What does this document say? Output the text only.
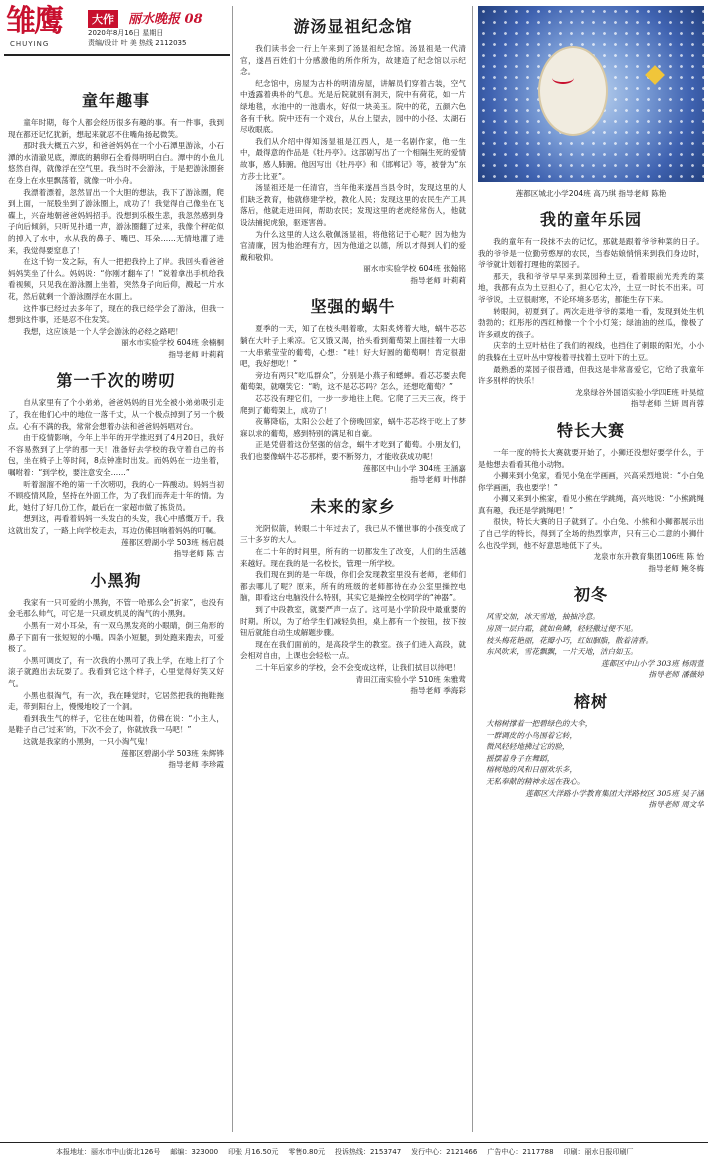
雏鹰
CHUYING
大作	丽水晚报 08
2020年8月16日 星期日
责编/设计 叶 美 热线 2112035
童年趣事

童年时期，每个人都会经历很多有趣的事。有一件事，我到现在都还记忆犹新，想起来就忍不住嘴角扬起微笑。

那时我大概五六岁，和爸爸妈妈在一个小石潭里游泳，小石潭的水清澈见底，潭底的鹅卵石全看得明明白白。潭中的小鱼儿悠然自得，就像浮在空气里。我当时不会游泳，于是把游泳圈套在身上在水里飘荡着，就像一叶小舟。

我漂着漂着，忽然冒出一个大胆的想法，我下了游泳圈，爬到上面，一屁股坐到了游泳圈上，成功了！我觉得自己像坐在飞碟上，兴奋地朝爸爸妈妈招手。没想到乐极生悲，我忽然感到身子向后倾斜，只听见扑通一声，游泳圈翻了过来，我像个秤砣似的掉入了水中，水从我的鼻子、嘴巴、耳朵……无情地灌了进来，我觉得要窒息了！

在这千钧一发之际，有人一把把我拎上了岸。我回头看爸爸妈妈笑坐了什么。妈妈说：“你刚才翻车了！”说着拿出手机给我看视频，只见我在游泳圈上坐着，突然身子向后仰，溅起一片水花，然后就剩一个游泳圈浮在水面上。

这件事已经过去多年了，现在的我已经学会了游泳，但我一想到这件事，还是忍不住发笑。

我想，这应该是一个人学会游泳的必经之路吧！

丽水市实验学校 604班 余楠桐

指导老师 叶莉莉

第一千次的唠叨

自从家里有了个小弟弟，爸爸妈妈的目光全被小弟弟吸引走了，我在他们心中的地位一落千丈，从一个极点掉到了另一个极点。心有不满的我，常常会想着办法和爸爸妈妈唱对台。

由于疫情影响，今年上半年的开学推迟到了4月20日，我好不容易熬到了上学的那一天！准备好去学校的我守着自己的书包，坐在椅子上等时间，8点钟准时出发。而妈妈在一边坐着，嘱咐着：“到学校，要注意安全……”

听着溜溜不绝的第一千次唠叨，我的心一阵酸动。妈妈当初不顾疫情风险，坚持在外面工作，为了我们而奔走十年的情。为此，她付了好几份工作，最后在一家超市做了拣货员。

想到这，再看着妈妈一头发白的头发，我心中感慨万千。我这就出发了，一路上向学校走去，耳边仿佛回响着妈妈的叮嘱。

莲都区碧湖小学 503班 杨启晨

指导老师 陈 吉

小黑狗

我家有一只可爱的小黑狗，不管一哈那么会“折家”，也没有金毛那么帅气，可它是一只顽皮机灵的淘气的小黑狗。

小黑有一对小耳朵，有一双乌黑发亮的小眼睛，倒三角形的鼻子下面有一张短短的小嘴。四条小短腿，到处跑来跑去，可爱极了。

小黑可调皮了，有一次我的小黑可了我上学，在地上打了个滚子就跑出去玩耍了。我看到它这个样子，心里觉得好笑又好气。

小黑也很淘气，有一次，我在睡觉时，它居然把我的拖鞋拖走，带到阳台上，慢慢地咬了一个洞。

看到我生气的样子，它往在她叫着，仿佛在说：“小主人，是鞋子自己‘过来’的，下次不会了，你就放我一马吧！”

这就是我家的小黑狗，一只小淘气鬼！

莲都区碧湖小学 503班 朱辉铧

指导老师 李珍霞

游汤显祖纪念馆

我们读书会一行上午来到了汤显祖纪念馆。汤显祖是一代清官，遂昌百姓们十分感激他的所作所为，故建造了纪念馆以示纪念。

纪念馆中，房屋为古朴的明清房屋，讲解员们穿着古装，空气中透露着典朴的气息。光是后院就别有洞天，院中有荷花，如一片绿地毯，水池中的一池翡水，好似一块美玉。院中的花，五颜六色各有千秋。院中还有一个戏台，从台上望去，园中的小径、太湖石尽收眼底。

我们从介绍中得知汤显祖是江西人，是一名剧作家，他一生中，最得意的作品是《牡丹亭》。这部剧写出了一个相隔生死的爱情故事，感人肺腑。他因写出《牡丹亭》和《邯郸记》等，被誉为“东方莎士比亚”。

汤显祖还是一任清官，当年他来遂昌当县令时，发现这里的人们缺乏教育，他就修建学校，教化人民；发现这里的农民生产工具落后，他就走进田间，帮助农民；发现这里的老虎经常伤人，他就设法捕捉虎狼，驱逐害兽。

为什么这里的人这么敬佩汤显祖，将他铭记于心呢？因为他为官清廉，因为他治理有方，因为他道之以德，所以才得到人们的爱戴和敬仰。

丽水市实验学校 604班 张翰铭

指导老师 叶莉莉

坚强的蜗牛

夏季的一天，知了在枝头唱着歌，太阳炙烤着大地，蜗牛芯芯躺在大叶子上乘凉。它又饿又渴，抬头看到葡萄架上面挂着一大串一大串紫莹莹的葡萄，心想：“哇！好大好圆的葡萄啊！肯定很甜吧，我好想吃！”

旁边有两只“吃瓜群众”，分别是小燕子和蟋蟀。看芯芯要去爬葡萄架，就嘲笑它：“哟，这不是芯芯吗？怎么，还想吃葡萄？”

芯芯没有理它们，一步一步地往上爬。它爬了三天三夜，终于爬到了葡萄架上，成功了！

夜幕降临，太阳公公赶了个傍晚回家，蜗牛芯芯终于吃上了梦寐以求的葡萄，感到特别的满足和自豪。

正是凭借着这份坚强的信念，蜗牛才吃到了葡萄。小朋友们，我们也要像蜗牛芯芯那样，要不断努力，才能收获成功呢！

莲都区中山小学 304班 王涵嘉

指导老师 叶伟群

未来的家乡

光阴似箭，转眼二十年过去了，我已从不懂世事的小孩变成了三十多岁的大人。

在二十年的时间里，所有的一切都发生了改变，人们的生活越来越好。现在我的是一名校长，管理一所学校。

我们现在到的是一年级，你们会发现教室里没有老师，老师们都去哪儿了呢？原来，所有的班级的老师都待在办公室里操控电脑，即看这台电脑没什么特别，其实它是操控全校同学的“神器”。

到了中段教室，就要严声一点了。这可是小学阶段中最重要的时期。所以，为了给学生们减轻负担，桌上都有一个按钮，按下按钮后就能自动生成解题步骤。

现在在我们面前的，是高段学生的教室。孩子们进入高段，就会相对自由，上课也会轻松一点。

二十年后家乡的学校，会不会变成这样，让我们拭目以待吧！

青田江南实验小学 510班 朱雅莺

指导老师 季海彩

莲都区城北小学204班 高乃琪 指导老师 陈艳
我的童年乐园

我的童年有一段抹不去的记忆，那就是跟着爷爷种菜的日子。我的爷爷是一位勤劳憨厚的农民，当春姑娘悄悄来到我们身边时，爷爷就计划着打理他的菜园子。

那天，我和爷爷早早来到菜园种土豆，看着眼前光秃秃的菜地，我都有点为土豆担心了，担心它太冷，土豆一时长不出来。可爷爷说，土豆很耐寒，不论环境多恶劣，都能生存下来。

转眼间，初夏到了。两次走进爷爷的菜地一看，发现到处生机勃勃的；红彤彤的西红柿像一个个小灯笼；绿油油的丝瓜，像极了许多顽皮的孩子。

庆幸的土豆叶枯住了我们的视线，也挡住了刺眼的阳光，小小的我躲在土豆叶丛中穿梭着寻找着土豆叶下的土豆。

最熟悉的菜园子很普通，但我这是非常喜爱它，它给了我童年许多别样的快乐！

龙泉绿谷外国语实验小学四E班 叶昊煊

指导老师 兰妍 周肖蓉

特长大赛

一年一度的特长大赛就要开始了，小狮还没想好要学什么，于是他想去看看其他小动物。

小狮来到小兔家，看见小兔在学画画，兴高采烈地说：“小白兔你学画画，我也要学！”

小狮又来到小熊家，看见小熊在学跳绳，高兴地说：“小熊跳绳真有趣，我还是学跳绳吧！”

很快，特长大赛的日子就到了。小白兔、小熊和小狮都展示出了自己学的特长，得到了全场的热烈掌声，只有三心二意的小狮什么也没学到，他不好意思地低下了头。

龙泉市东升教育集团106班 陈 怡

指导老师 鲍冬梅

初冬

风雪交加，冰天雪地，抽抽冷意。

房顶一层白霜，就如鱼鳞，轻轻撒过便不见。

枝头梅花艳丽，花瓣小巧，红如胭脂，散着清香。

东风吹来，雪花飘飘，一片天地，洁白如玉。

莲都区中山小学 303班 杨雨萱

指导老师 潘薇婷

榕树

大榕树撑着一把碧绿色的大伞，

一群调皮的小鸟围着它转，

微风轻轻地拂过它的脸，

摇摆着身子在舞蹈，

榕树地的风和日丽欢乐多，

无私奉献的精神永远在我心。

莲都区大洋路小学教育集团大洋路校区 305班 吴子涵

指导老师 周文华

本报地址：丽水市中山街北126号 邮编：323000 印张 月16.50元 零售0.80元 投诉热线：2153747 发行中心：2121466 广告中心：2117788 印刷：丽水日报印刷厂
